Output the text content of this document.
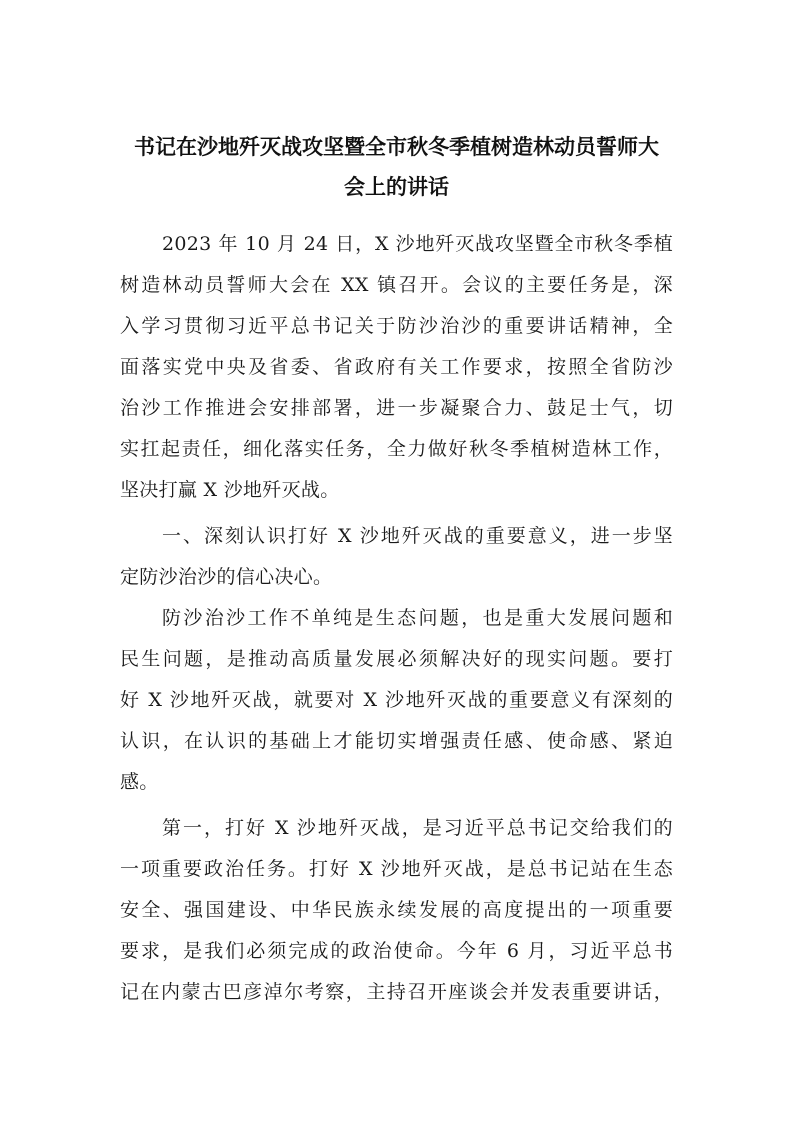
书记在沙地歼灭战攻坚暨全市秋冬季植树造林动员誓师大
会上的讲话
2023 年 10 月 24 日，X 沙地歼灭战攻坚暨全市秋冬季植
树造林动员誓师大会在 XX 镇召开。会议的主要任务是，深
入学习贯彻习近平总书记关于防沙治沙的重要讲话精神，全
面落实党中央及省委、省政府有关工作要求，按照全省防沙
治沙工作推进会安排部署，进一步凝聚合力、鼓足士气，切
实扛起责任，细化落实任务，全力做好秋冬季植树造林工作，
坚决打赢 X 沙地歼灭战。
一、深刻认识打好 X 沙地歼灭战的重要意义，进一步坚
定防沙治沙的信心决心。
防沙治沙工作不单纯是生态问题，也是重大发展问题和
民生问题，是推动高质量发展必须解决好的现实问题。要打
好 X 沙地歼灭战，就要对 X 沙地歼灭战的重要意义有深刻的
认识，在认识的基础上才能切实增强责任感、使命感、紧迫
感。
第一，打好 X 沙地歼灭战，是习近平总书记交给我们的
一项重要政治任务。打好 X 沙地歼灭战，是总书记站在生态
安全、强国建设、中华民族永续发展的高度提出的一项重要
要求，是我们必须完成的政治使命。今年 6 月，习近平总书
记在内蒙古巴彦淖尔考察，主持召开座谈会并发表重要讲话，
